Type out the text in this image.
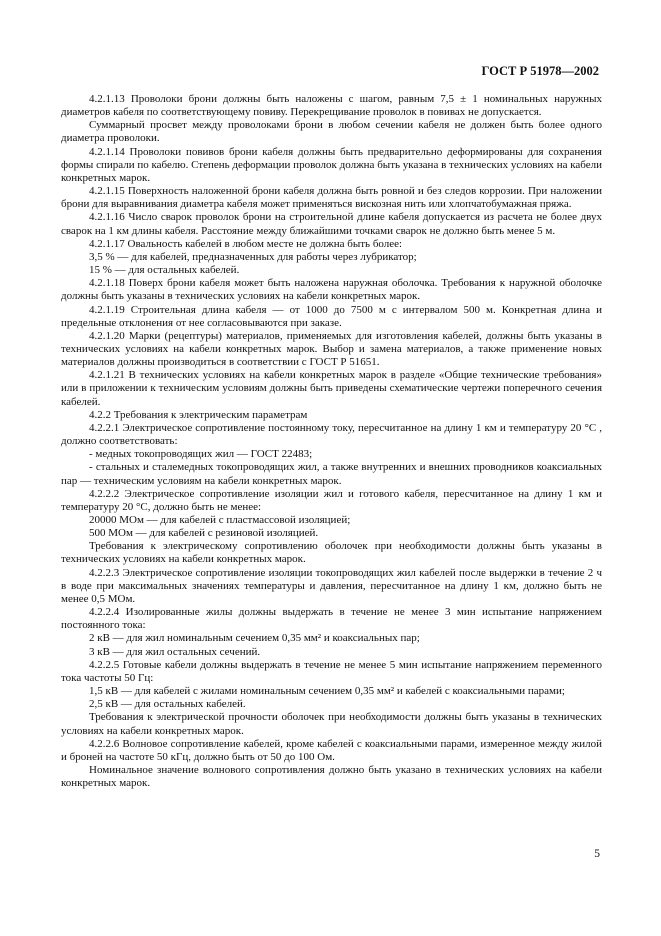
ГОСТ Р 51978—2002

4.2.1.13 Проволоки брони должны быть наложены с шагом, равным 7,5 ± 1 номинальных наружных диаметров кабеля по соответствующему повиву. Перекрещивание проволок в повивах не допускается.

Суммарный просвет между проволоками брони в любом сечении кабеля не должен быть более одного диаметра проволоки.

4.2.1.14 Проволоки повивов брони кабеля должны быть предварительно деформированы для сохранения формы спирали по кабелю. Степень деформации проволок должна быть указана в технических условиях на кабели конкретных марок.

4.2.1.15 Поверхность наложенной брони кабеля должна быть ровной и без следов коррозии. При наложении брони для выравнивания диаметра кабеля может применяться вискозная нить или хлопчатобумажная пряжа.

4.2.1.16 Число сварок проволок брони на строительной длине кабеля допускается из расчета не более двух сварок на 1 км длины кабеля. Расстояние между ближайшими точками сварок не должно быть менее 5 м.

4.2.1.17 Овальность кабелей в любом месте не должна быть более:

3,5 % — для кабелей, предназначенных для работы через лубрикатор;

15 % — для остальных кабелей.

4.2.1.18 Поверх брони кабеля может быть наложена наружная оболочка. Требования к наружной оболочке должны быть указаны в технических условиях на кабели конкретных марок.

4.2.1.19 Строительная длина кабеля — от 1000 до 7500 м с интервалом 500 м. Конкретная длина и предельные отклонения от нее согласовываются при заказе.

4.2.1.20 Марки (рецептуры) материалов, применяемых для изготовления кабелей, должны быть указаны в технических условиях на кабели конкретных марок. Выбор и замена материалов, а также применение новых материалов должны производиться в соответствии с ГОСТ Р 51651.

4.2.1.21 В технических условиях на кабели конкретных марок в разделе «Общие технические требования» или в приложении к техническим условиям должны быть приведены схематические чертежи поперечного сечения кабелей.

4.2.2 Требования к электрическим параметрам

4.2.2.1 Электрическое сопротивление постоянному току, пересчитанное на длину 1 км и температуру 20 °С , должно соответствовать:

- медных токопроводящих жил — ГОСТ 22483;

- стальных и сталемедных токопроводящих жил, а также внутренних и внешних проводников коаксиальных пар — техническим условиям на кабели конкретных марок.

4.2.2.2 Электрическое сопротивление изоляции жил и готового кабеля, пересчитанное на длину 1 км и температуру 20 °С, должно быть не менее:

20000 МОм — для кабелей с пластмассовой изоляцией;

500 МОм — для кабелей с резиновой изоляцией.

Требования к электрическому сопротивлению оболочек при необходимости должны быть указаны в технических условиях на кабели конкретных марок.

4.2.2.3 Электрическое сопротивление изоляции токопроводящих жил кабелей после выдержки в течение 2 ч в воде при максимальных значениях температуры и давления, пересчитанное на длину 1 км, должно быть не менее 0,5 МОм.

4.2.2.4 Изолированные жилы должны выдержать в течение не менее 3 мин испытание напряжением постоянного тока:

2 кВ — для жил номинальным сечением 0,35 мм² и коаксиальных пар;

3 кВ — для жил остальных сечений.

4.2.2.5 Готовые кабели должны выдержать в течение не менее 5 мин испытание напряжением переменного тока частоты 50 Гц:

1,5 кВ — для кабелей с жилами номинальным сечением 0,35 мм² и кабелей с коаксиальными парами;

2,5 кВ — для остальных кабелей.

Требования к электрической прочности оболочек при необходимости должны быть указаны в технических условиях на кабели конкретных марок.

4.2.2.6 Волновое сопротивление кабелей, кроме кабелей с коаксиальными парами, измеренное между жилой и броней на частоте 50 кГц, должно быть от 50 до 100 Ом.

Номинальное значение волнового сопротивления должно быть указано в технических условиях на кабели конкретных марок.

5
